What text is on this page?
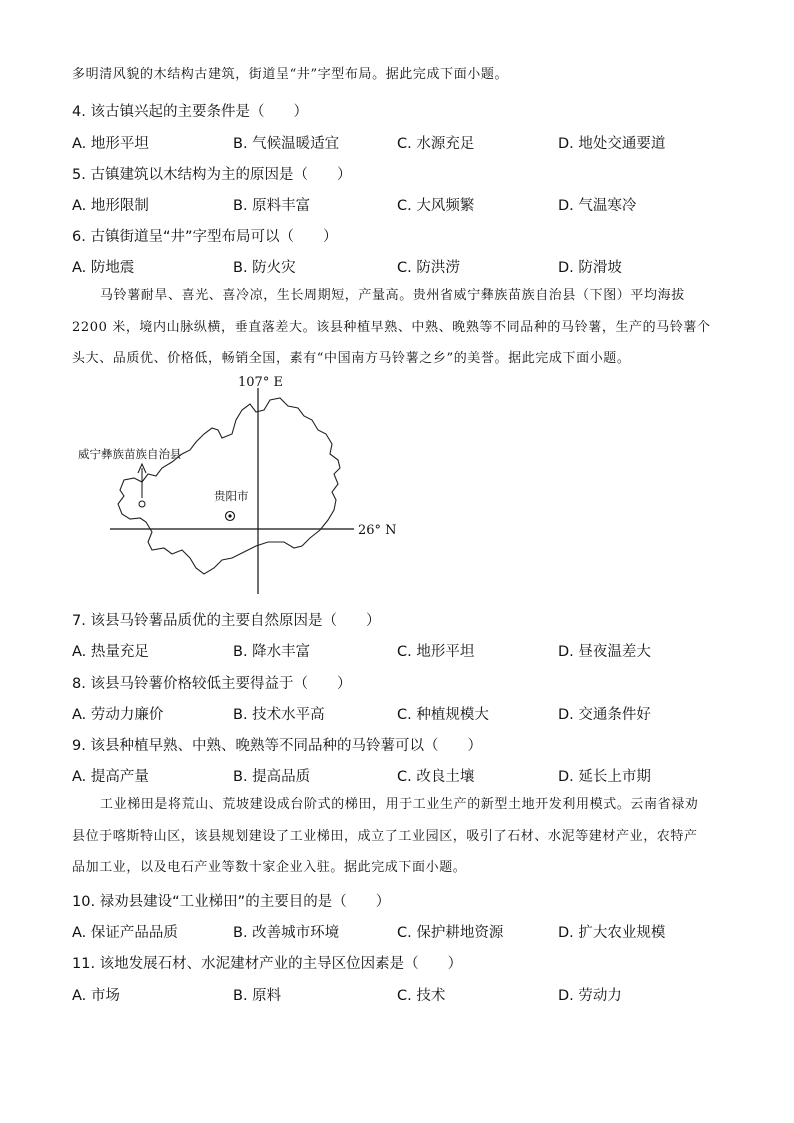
多明清风貌的木结构古建筑，街道呈“井”字型布局。据此完成下面小题。
4. 该古镇兴起的主要条件是（　　）
A. 地形平坦	B. 气候温暖适宜	C. 水源充足	D. 地处交通要道
5. 古镇建筑以木结构为主的原因是（　　）
A. 地形限制	B. 原料丰富	C. 大风频繁	D. 气温寒冷
6. 古镇街道呈“井”字型布局可以（　　）
A. 防地震	B. 防火灾	C. 防洪涝	D. 防滑坡
马铃薯耐旱、喜光、喜冷凉，生长周期短，产量高。贵州省威宁彝族苗族自治县（下图）平均海拔
2200 米，境内山脉纵横，垂直落差大。该县种植早熟、中熟、晚熟等不同品种的马铃薯，生产的马铃薯个
头大、品质优、价格低，畅销全国，素有“中国南方马铃薯之乡”的美誉。据此完成下面小题。
107° E
26° N
威宁彝族苗族自治县
贵阳市
7. 该县马铃薯品质优的主要自然原因是（　　）
A. 热量充足	B. 降水丰富	C. 地形平坦	D. 昼夜温差大
8. 该县马铃薯价格较低主要得益于（　　）
A. 劳动力廉价	B. 技术水平高	C. 种植规模大	D. 交通条件好
9. 该县种植早熟、中熟、晚熟等不同品种的马铃薯可以（　　）
A. 提高产量	B. 提高品质	C. 改良土壤	D. 延长上市期
工业梯田是将荒山、荒坡建设成台阶式的梯田，用于工业生产的新型土地开发利用模式。云南省禄劝
县位于喀斯特山区，该县规划建设了工业梯田，成立了工业园区，吸引了石材、水泥等建材产业，农特产
品加工业，以及电石产业等数十家企业入驻。据此完成下面小题。
10. 禄劝县建设“工业梯田”的主要目的是（　　）
A. 保证产品品质	B. 改善城市环境	C. 保护耕地资源	D. 扩大农业规模
11. 该地发展石材、水泥建材产业的主导区位因素是（　　）
A. 市场	B. 原料	C. 技术	D. 劳动力
